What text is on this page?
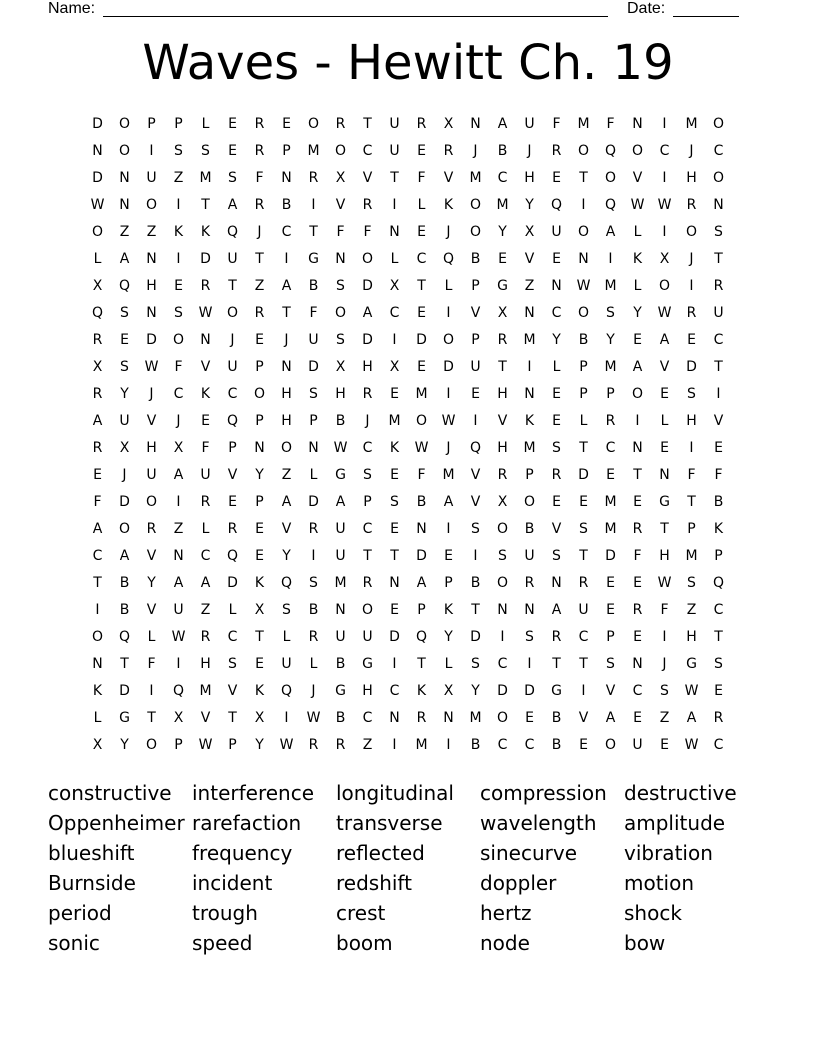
Name:	Date:
Waves - Hewitt Ch. 19
D	O	P	P	L	E	R	E	O	R	T	U	R	X	N	A	U	F	M	F	N	I	M	O
N	O	I	S	S	E	R	P	M	O	C	U	E	R	J	B	J	R	O	Q	O	C	J	C
D	N	U	Z	M	S	F	N	R	X	V	T	F	V	M	C	H	E	T	O	V	I	H	O
W	N	O	I	T	A	R	B	I	V	R	I	L	K	O	M	Y	Q	I	Q	W W	R	N
O	Z	Z	K	K	Q	J	C	T	F	F	N	E	J	O	Y	X	U	O	A	L	I	O	S
L	A	N	I	D	U	T	I	G	N	O	L	C	Q	B	E	V	E	N	I	K	X	J	T
X	Q	H	E	R	T	Z	A	B	S	D	X	T	L	P	G	Z	N	W	M	L	O	I	R
Q	S	N	S	W	O	R	T	F	O	A	C	E	I	V	X	N	C	O	S	Y	W	R	U
R	E	D	O	N	J	E	J	U	S	D	I	D	O	P	R	M	Y	B	Y	E	A	E	C
X	S	W	F	V	U	P	N	D	X	H	X	E	D	U	T	I	L	P	M	A	V	D	T
R	Y	J	C	K	C	O	H	S	H	R	E	M	I	E	H	N	E	P	P	O	E	S	I
A	U	V	J	E	Q	P	H	P	B	J	M	O	W	I	V	K	E	L	R	I	L	H	V
R	X	H	X	F	P	N	O	N	W	C	K	W	J	Q	H	M	S	T	C	N	E	I	E
E	J	U	A	U	V	Y	Z	L	G	S	E	F	M	V	R	P	R	D	E	T	N	F	F
F	D	O	I	R	E	P	A	D	A	P	S	B	A	V	X	O	E	E	M	E	G	T	B
A	O	R	Z	L	R	E	V	R	U	C	E	N	I	S	O	B	V	S	M	R	T	P	K
C	A	V	N	C	Q	E	Y	I	U	T	T	D	E	I	S	U	S	T	D	F	H	M	P
T	B	Y	A	A	D	K	Q	S	M	R	N	A	P	B	O	R	N	R	E	E	W	S	Q
I	B	V	U	Z	L	X	S	B	N	O	E	P	K	T	N	N	A	U	E	R	F	Z	C
O	Q	L	W	R	C	T	L	R	U	U	D	Q	Y	D	I	S	R	C	P	E	I	H	T
N	T	F	I	H	S	E	U	L	B	G	I	T	L	S	C	I	T	T	S	N	J	G	S
K	D	I	Q	M	V	K	Q	J	G	H	C	K	X	Y	D	D	G	I	V	C	S	W	E
L	G	T	X	V	T	X	I	W	B	C	N	R	N	M	O	E	B	V	A	E	Z	A	R
X	Y	O	P	W	P	Y	W	R	R	Z	I	M	I	B	C	C	B	E	O	U	E	W	C
constructive	interference	longitudinal	compression destructive
Oppenheimer rarefaction	transverse	wavelength	amplitude
blueshift	frequency	reflected	sinecurve	vibration
Burnside	incident	redshift	doppler	motion
period	trough	crest	hertz	shock
sonic	speed	boom	node	bow
